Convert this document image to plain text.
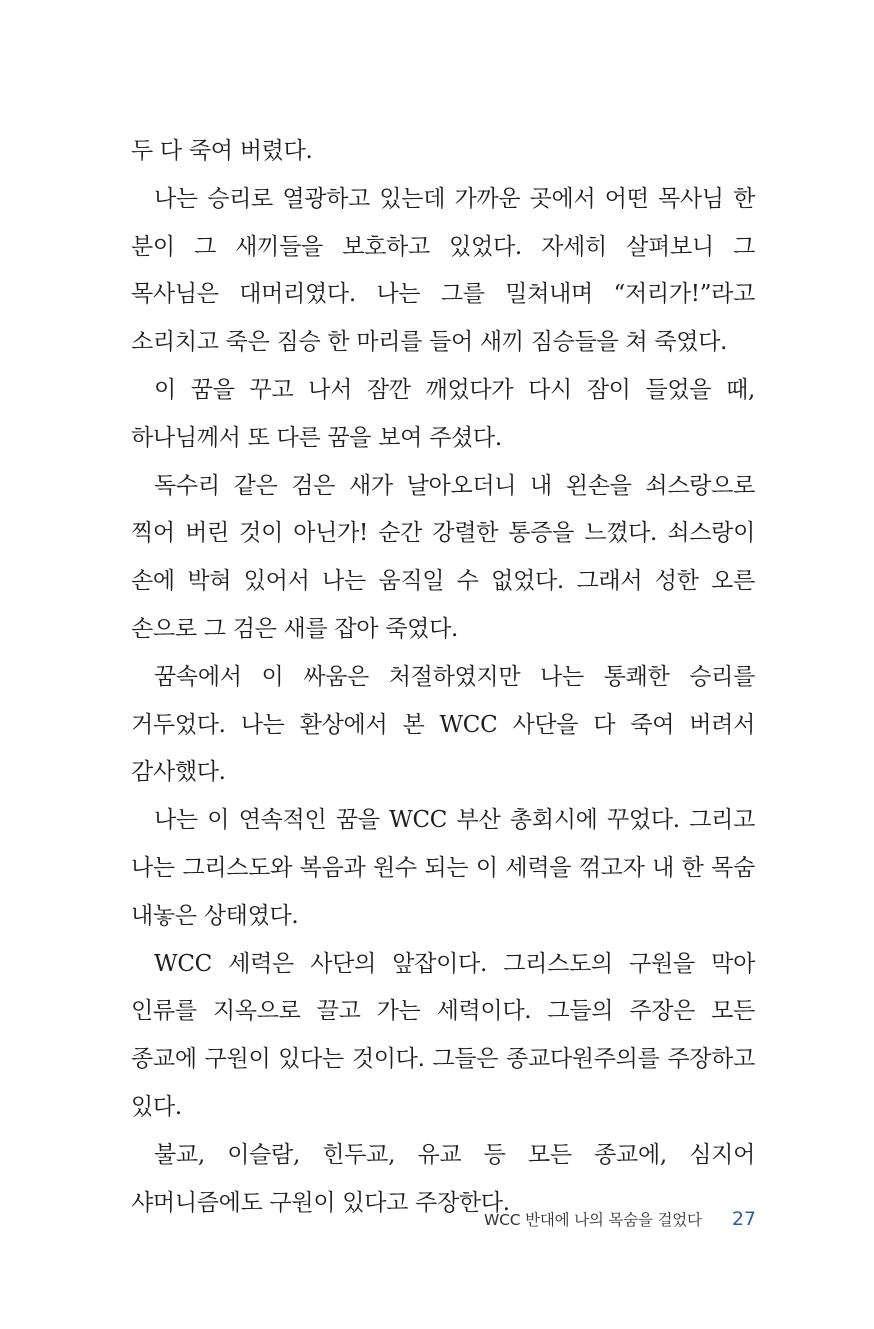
두 다 죽여 버렸다.

나는 승리로 열광하고 있는데 가까운 곳에서 어떤 목사님 한 분이 그 새끼들을 보호하고 있었다. 자세히 살펴보니 그 목사님은 대머리였다. 나는 그를 밀쳐내며 “저리가!”라고 소리치고 죽은 짐승 한 마리를 들어 새끼 짐승들을 쳐 죽였다.

이 꿈을 꾸고 나서 잠깐 깨었다가 다시 잠이 들었을 때, 하나님께서 또 다른 꿈을 보여 주셨다.

독수리 같은 검은 새가 날아오더니 내 왼손을 쇠스랑으로 찍어 버린 것이 아닌가! 순간 강렬한 통증을 느꼈다. 쇠스랑이 손에 박혀 있어서 나는 움직일 수 없었다. 그래서 성한 오른 손으로 그 검은 새를 잡아 죽였다.

꿈속에서 이 싸움은 처절하였지만 나는 통쾌한 승리를 거두었다. 나는 환상에서 본 WCC 사단을 다 죽여 버려서 감사했다.

나는 이 연속적인 꿈을 WCC 부산 총회시에 꾸었다. 그리고 나는 그리스도와 복음과 원수 되는 이 세력을 꺾고자 내 한 목숨 내놓은 상태였다.

WCC 세력은 사단의 앞잡이다. 그리스도의 구원을 막아 인류를 지옥으로 끌고 가는 세력이다. 그들의 주장은 모든 종교에 구원이 있다는 것이다. 그들은 종교다원주의를 주장하고 있다.

불교, 이슬람, 힌두교, 유교 등 모든 종교에, 심지어 샤머니즘에도 구원이 있다고 주장한다.

WCC 반대에 나의 목숨을 걸었다 27
